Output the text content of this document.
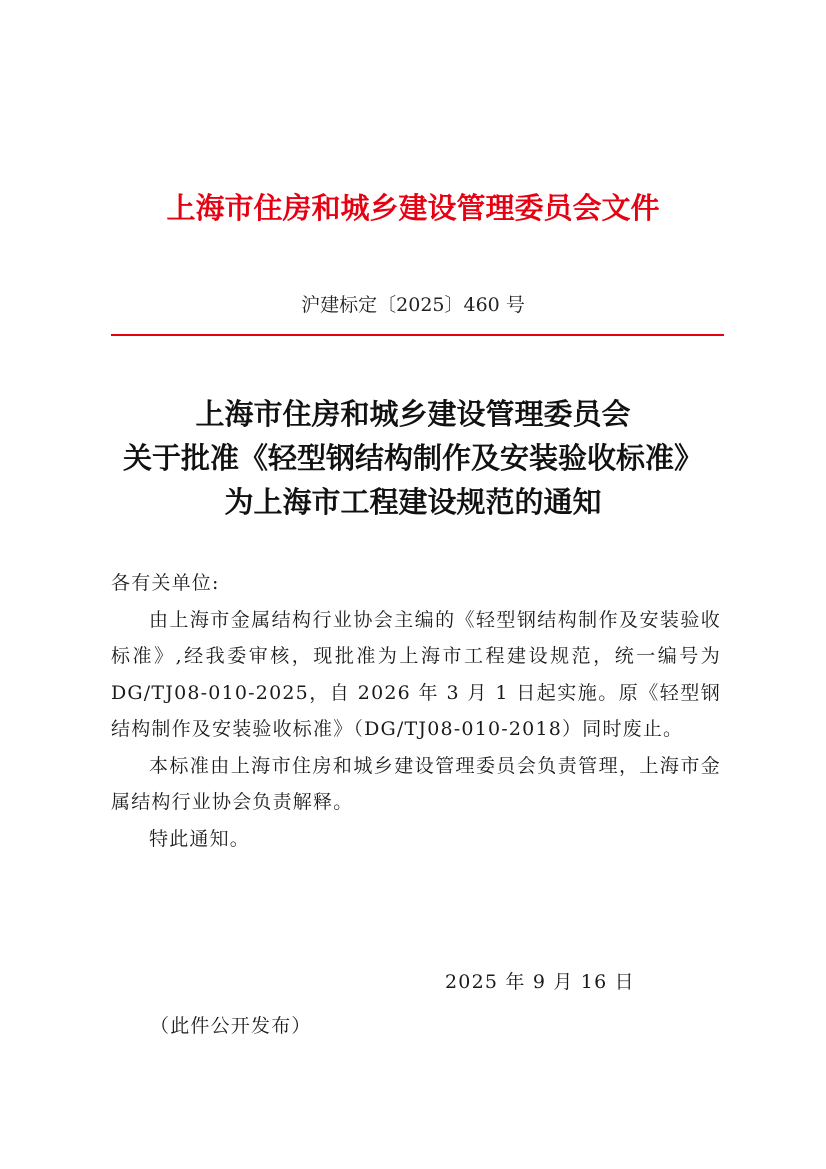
上海市住房和城乡建设管理委员会文件
沪建标定〔2025〕460 号
上海市住房和城乡建设管理委员会
关于批准《轻型钢结构制作及安装验收标准》
为上海市工程建设规范的通知

各有关单位:

由上海市金属结构行业协会主编的《轻型钢结构制作及安装验收标准》,经我委审核，现批准为上海市工程建设规范，统一编号为 DG/TJ08-010-2025，自 2026 年 3 月 1 日起实施。原《轻型钢结构制作及安装验收标准》（DG/TJ08-010-2018）同时废止。

本标准由上海市住房和城乡建设管理委员会负责管理，上海市金属结构行业协会负责解释。

特此通知。

2025 年 9 月 16 日
（此件公开发布）
